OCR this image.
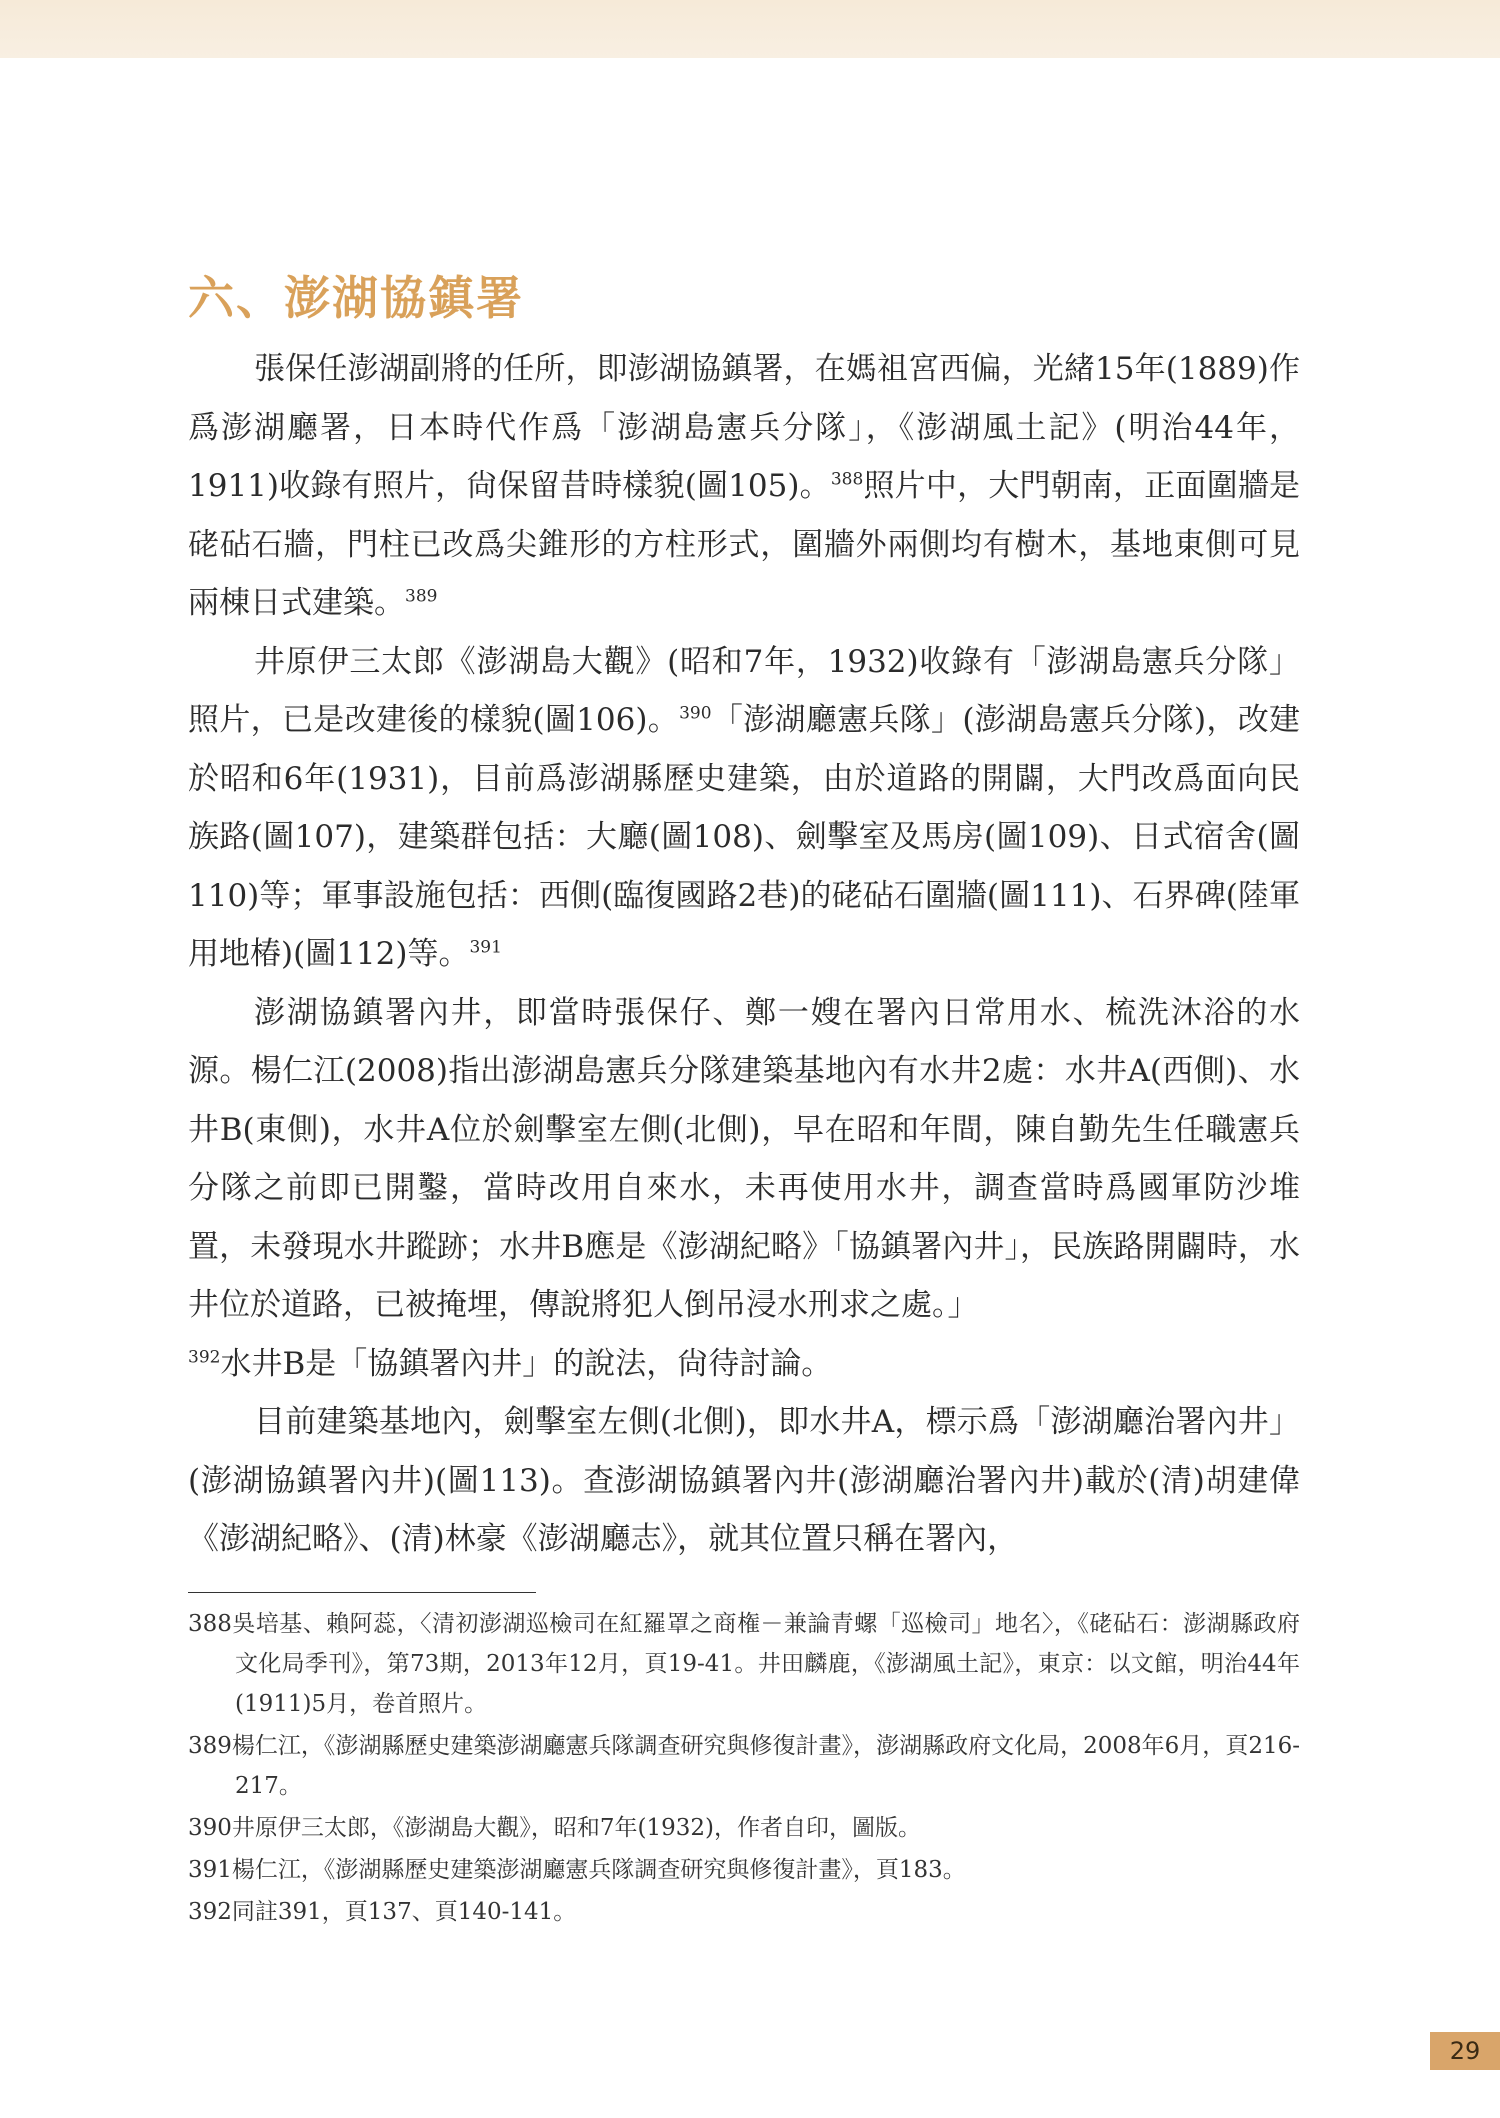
六、澎湖協鎮署

張保任澎湖副將的任所，即澎湖協鎮署，在媽祖宮西偏，光緒15年(1889)作爲澎湖廳署，日本時代作爲「澎湖島憲兵分隊」，《澎湖風土記》(明治44年，1911)收錄有照片，尙保留昔時樣貌(圖105)。$^{388}$照片中，大門朝南，正面圍牆是硓砧石牆，門柱已改爲尖錐形的方柱形式，圍牆外兩側均有樹木，基地東側可見兩棟日式建築。$^{389}$

井原伊三太郎《澎湖島大觀》(昭和7年，1932)收錄有「澎湖島憲兵分隊」照片，已是改建後的樣貌(圖106)。$^{390}$「澎湖廳憲兵隊」(澎湖島憲兵分隊)，改建於昭和6年(1931)，目前爲澎湖縣歷史建築，由於道路的開闢，大門改爲面向民族路(圖107)，建築群包括：大廳(圖108)、劍擊室及馬房(圖109)、日式宿舍(圖110)等；軍事設施包括：西側(臨復國路2巷)的硓砧石圍牆(圖111)、石界碑(陸軍用地椿)(圖112)等。$^{391}$

澎湖協鎮署內井，即當時張保仔、鄭一嫂在署內日常用水、梳洗沐浴的水源。楊仁江(2008)指出澎湖島憲兵分隊建築基地內有水井2處：水井A(西側)、水井B(東側)，水井A位於劍擊室左側(北側)，早在昭和年間，陳自勤先生任職憲兵分隊之前即已開鑿，當時改用自來水，未再使用水井，調查當時爲國軍防沙堆置，未發現水井蹤跡；水井B應是《澎湖紀略》「協鎮署內井」，民族路開闢時，水井位於道路，已被掩埋，傳說將犯人倒吊浸水刑求之處。」
$^{392}$水井B是「協鎮署內井」的說法，尙待討論。

目前建築基地內，劍擊室左側(北側)，即水井A，標示爲「澎湖廳治署內井」(澎湖協鎮署內井)(圖113)。查澎湖協鎮署內井(澎湖廳治署內井)載於(清)胡建偉《澎湖紀略》、(清)林豪《澎湖廳志》，就其位置只稱在署內，

388吳培基、賴阿蕊，〈清初澎湖巡檢司在紅羅罩之商権－兼論青螺「巡檢司」地名〉，《硓砧石：澎湖縣政府文化局季刊》，第73期，2013年12月，頁19-41。井田麟鹿，《澎湖風土記》，東京：以文館，明治44年(1911)5月，卷首照片。

389楊仁江，《澎湖縣歷史建築澎湖廳憲兵隊調查研究與修復計畫》，澎湖縣政府文化局，2008年6月，頁216-217。

390井原伊三太郎，《澎湖島大觀》，昭和7年(1932)，作者自印，圖版。

391楊仁江，《澎湖縣歷史建築澎湖廳憲兵隊調查研究與修復計畫》，頁183。

392同註391，頁137、頁140-141。

29
